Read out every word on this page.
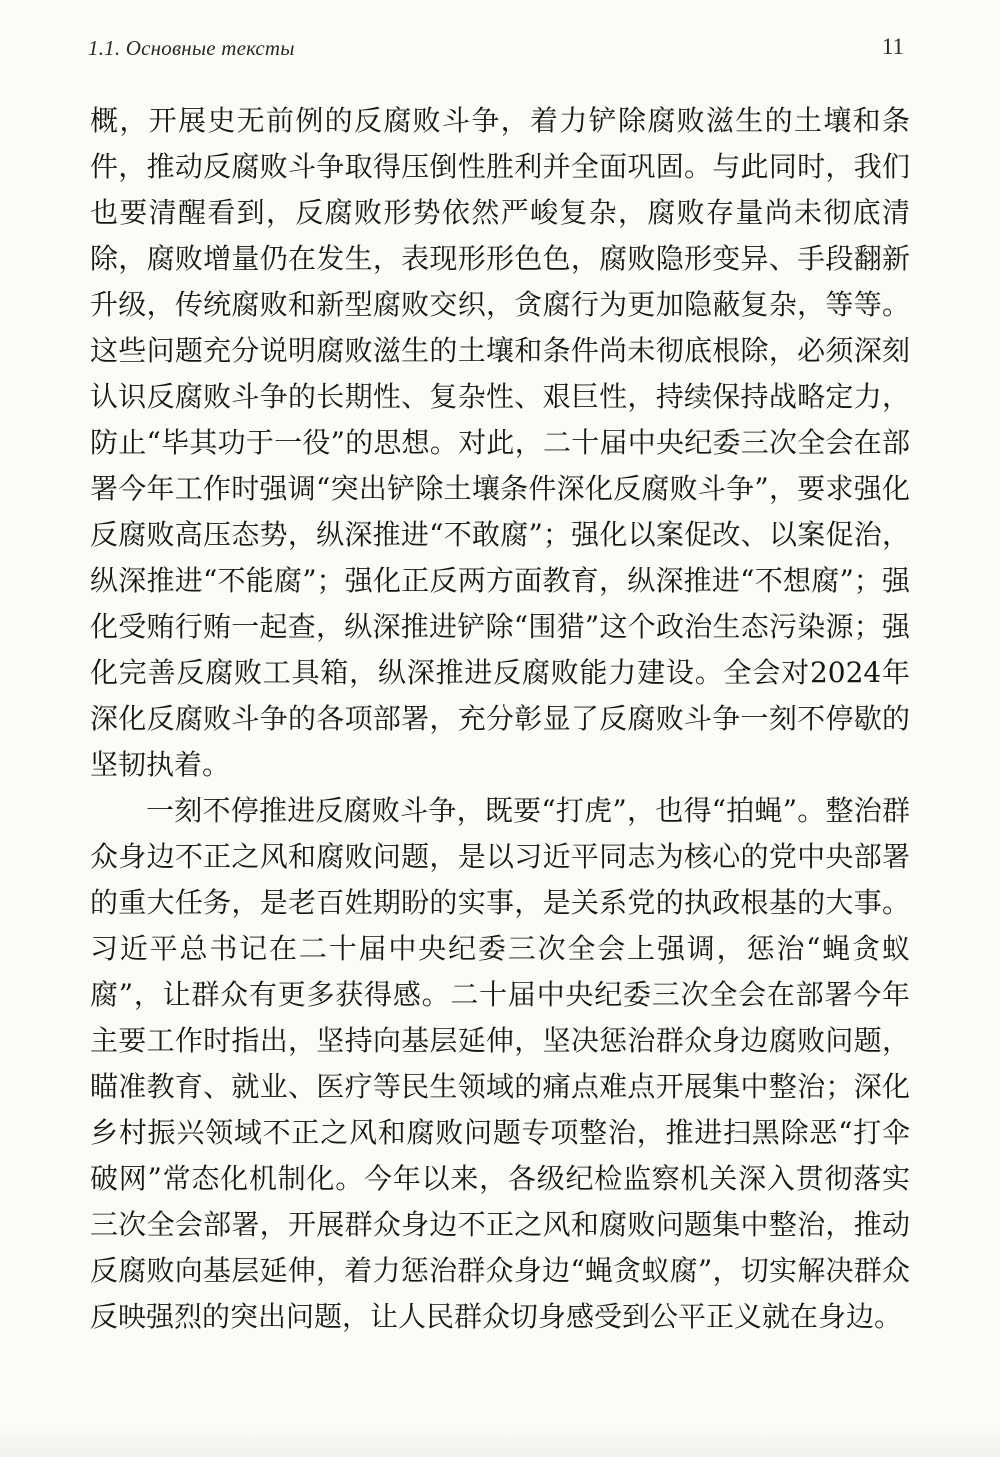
1.1. Основные тексты	11

概，开展史无前例的反腐败斗争，着力铲除腐败滋生的土壤和条件，推动反腐败斗争取得压倒性胜利并全面巩固。与此同时，我们也要清醒看到，反腐败形势依然严峻复杂，腐败存量尚未彻底清除，腐败增量仍在发生，表现形形色色，腐败隐形变异、手段翻新升级，传统腐败和新型腐败交织，贪腐行为更加隐蔽复杂，等等。这些问题充分说明腐败滋生的土壤和条件尚未彻底根除，必须深刻认识反腐败斗争的长期性、复杂性、艰巨性，持续保持战略定力，防止“毕其功于一役”的思想。对此，二十届中央纪委三次全会在部署今年工作时强调“突出铲除土壤条件深化反腐败斗争”，要求强化反腐败高压态势，纵深推进“不敢腐”；强化以案促改、以案促治，纵深推进“不能腐”；强化正反两方面教育，纵深推进“不想腐”；强化受贿行贿一起查，纵深推进铲除“围猎”这个政治生态污染源；强化完善反腐败工具箱，纵深推进反腐败能力建设。全会对2024年深化反腐败斗争的各项部署，充分彰显了反腐败斗争一刻不停歇的坚韧执着。

一刻不停推进反腐败斗争，既要“打虎”，也得“拍蝇”。整治群众身边不正之风和腐败问题，是以习近平同志为核心的党中央部署的重大任务，是老百姓期盼的实事，是关系党的执政根基的大事。习近平总书记在二十届中央纪委三次全会上强调，惩治“蝇贪蚁腐”，让群众有更多获得感。二十届中央纪委三次全会在部署今年主要工作时指出，坚持向基层延伸，坚决惩治群众身边腐败问题，瞄准教育、就业、医疗等民生领域的痛点难点开展集中整治；深化乡村振兴领域不正之风和腐败问题专项整治，推进扫黑除恶“打伞破网”常态化机制化。今年以来，各级纪检监察机关深入贯彻落实三次全会部署，开展群众身边不正之风和腐败问题集中整治，推动反腐败向基层延伸，着力惩治群众身边“蝇贪蚁腐”，切实解决群众反映强烈的突出问题，让人民群众切身感受到公平正义就在身边。
